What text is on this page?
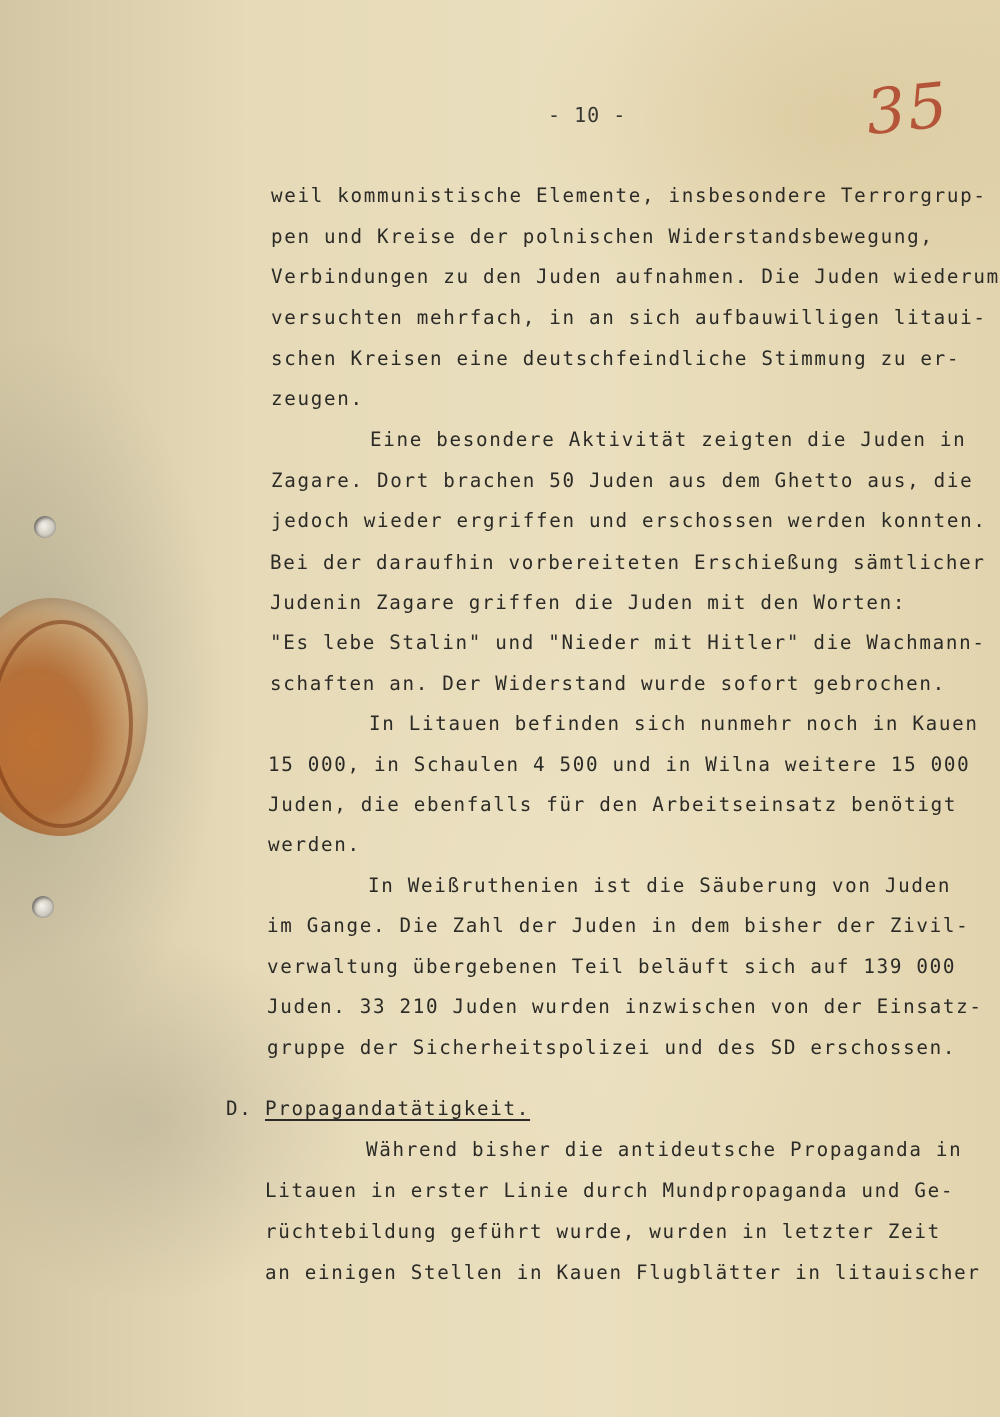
- 10 -	35
weil kommunistische Elemente, insbesondere Terrorgrup-
pen und Kreise der polnischen Widerstandsbewegung,
Verbindungen zu den Juden aufnahmen. Die Juden wiederum
versuchten mehrfach, in an sich aufbauwilligen litaui-
schen Kreisen eine deutschfeindliche Stimmung zu er-
zeugen.
Eine besondere Aktivität zeigten die Juden in
Zagare. Dort brachen 50 Juden aus dem Ghetto aus, die
jedoch wieder ergriffen und erschossen werden konnten.
Bei der daraufhin vorbereiteten Erschießung sämtlicher
Judenin Zagare griffen die Juden mit den Worten:
"Es lebe Stalin" und "Nieder mit Hitler" die Wachmann-
schaften an. Der Widerstand wurde sofort gebrochen.
In Litauen befinden sich nunmehr noch in Kauen
15 000, in Schaulen 4 500 und in Wilna weitere 15 000
Juden, die ebenfalls für den Arbeitseinsatz benötigt
werden.
In Weißruthenien ist die Säuberung von Juden
im Gange. Die Zahl der Juden in dem bisher der Zivil-
verwaltung übergebenen Teil beläuft sich auf 139 000
Juden. 33 210 Juden wurden inzwischen von der Einsatz-
gruppe der Sicherheitspolizei und des SD erschossen.
D. Propagandatätigkeit.
Während bisher die antideutsche Propaganda in
Litauen in erster Linie durch Mundpropaganda und Ge-
rüchtebildung geführt wurde, wurden in letzter Zeit
an einigen Stellen in Kauen Flugblätter in litauischer
